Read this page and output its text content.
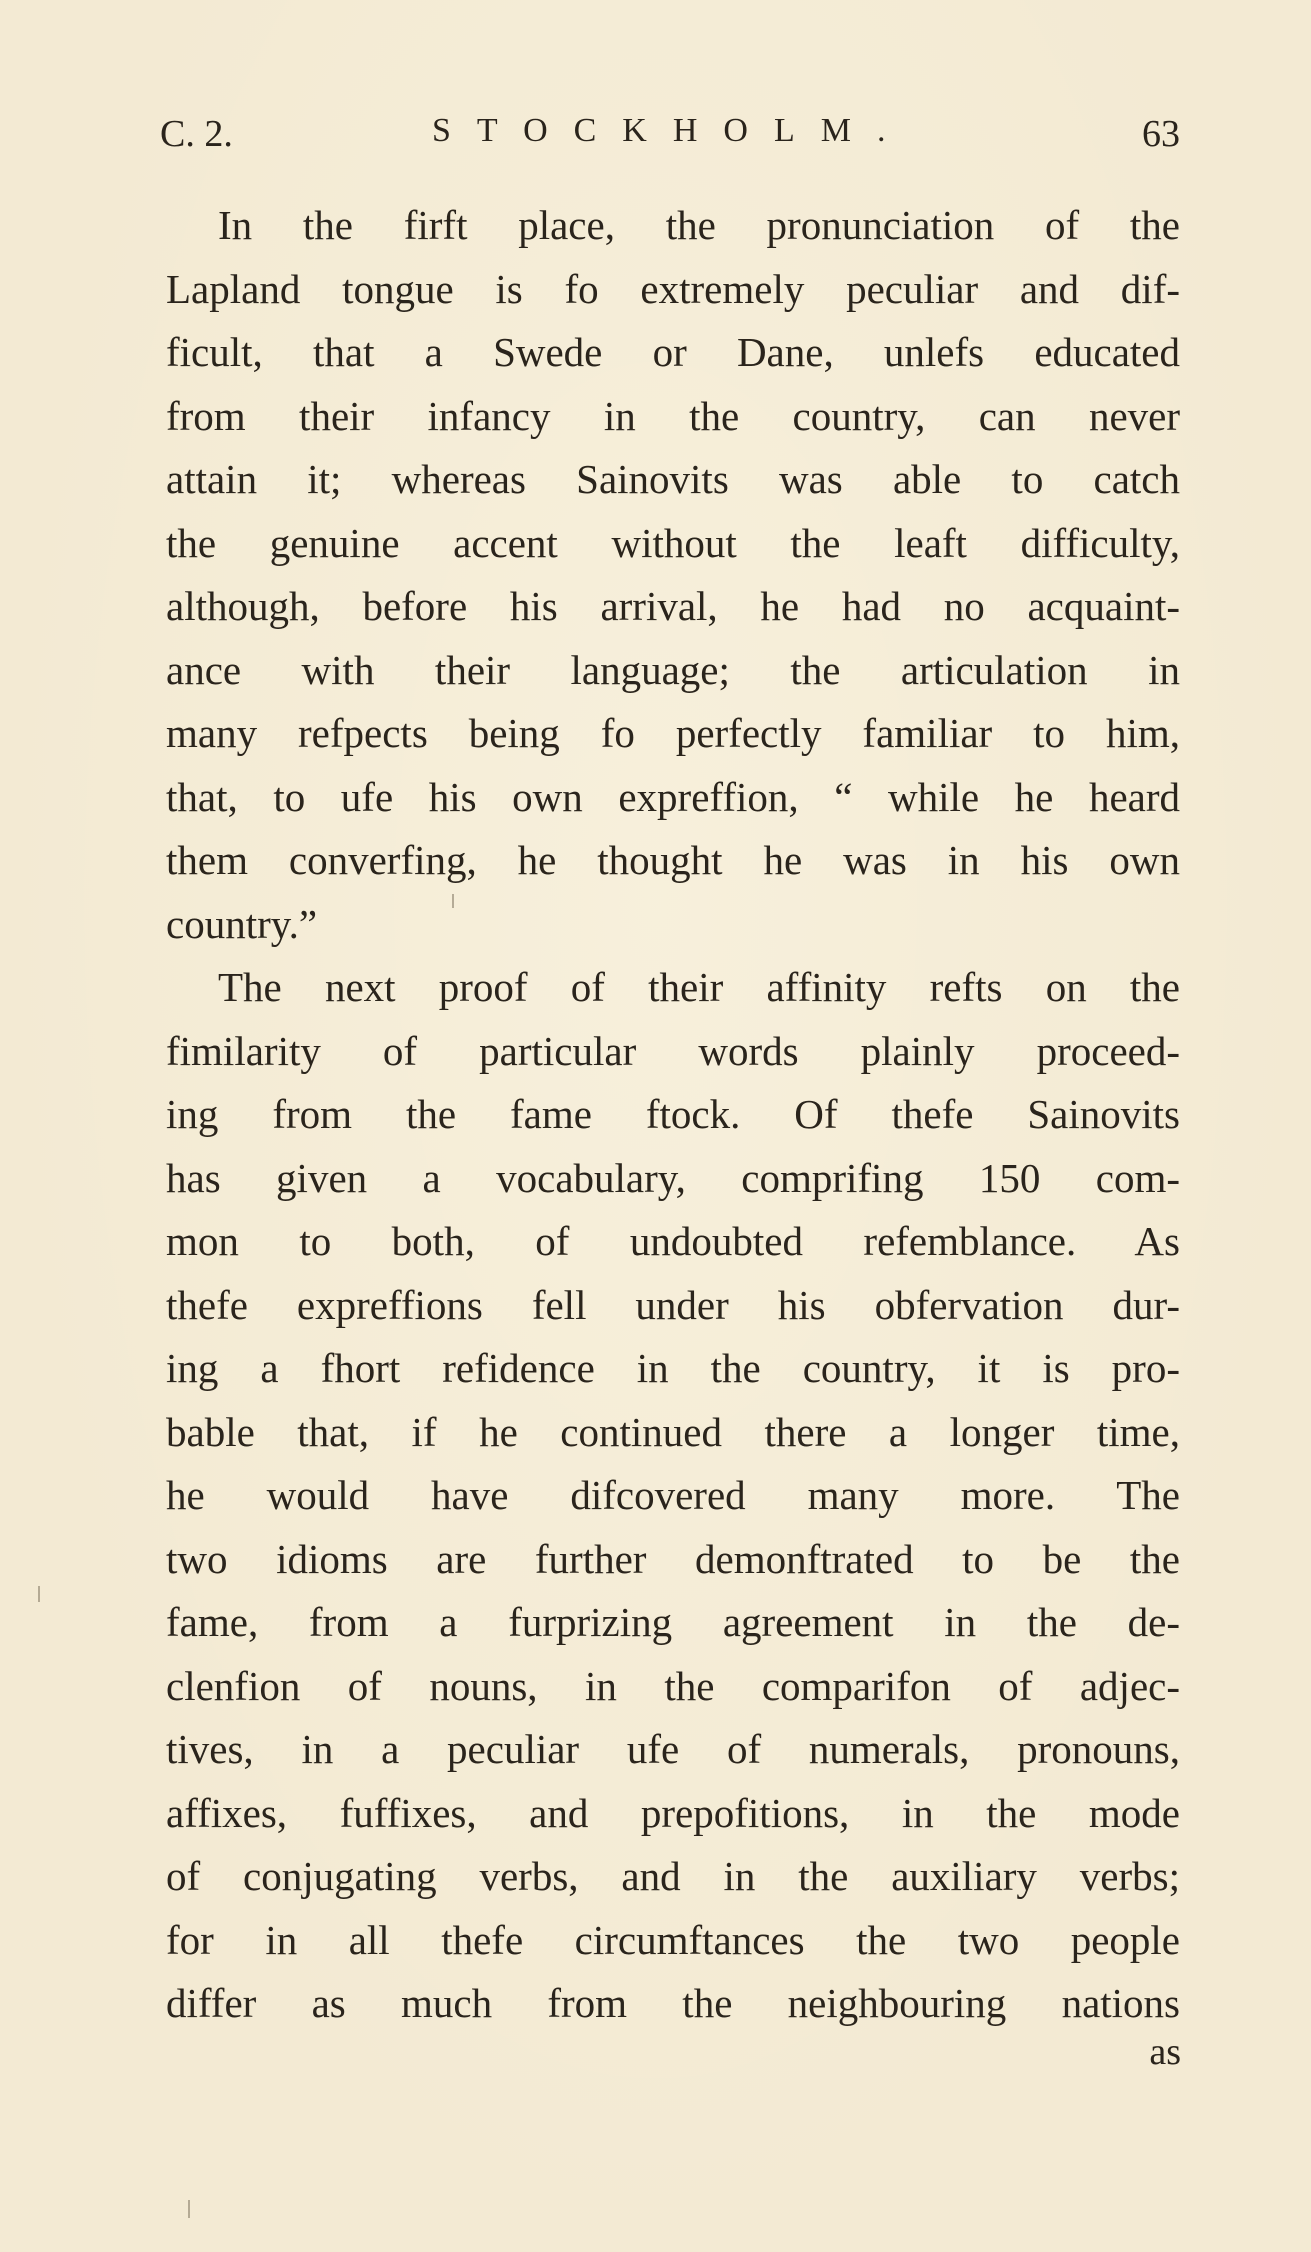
C. 2.	STOCKHOLM.	63
In the firft place, the pronunciation of the
Lapland tongue is fo extremely peculiar and dif-
ficult, that a Swede or Dane, unlefs educated
from their infancy in the country, can never
attain it; whereas Sainovits was able to catch
the genuine accent without the leaft difficulty,
although, before his arrival, he had no acquaint-
ance with their language; the articulation in
many refpects being fo perfectly familiar to him,
that, to ufe his own expreffion, “ while he heard
them converfing, he thought he was in his own
country.”
The next proof of their affinity refts on the
fimilarity of particular words plainly proceed-
ing from the fame ftock. Of thefe Sainovits
has given a vocabulary, comprifing 150 com-
mon to both, of undoubted refemblance. As
thefe expreffions fell under his obfervation dur-
ing a fhort refidence in the country, it is pro-
bable that, if he continued there a longer time,
he would have difcovered many more. The
two idioms are further demonftrated to be the
fame, from a furprizing agreement in the de-
clenfion of nouns, in the comparifon of adjec-
tives, in a peculiar ufe of numerals, pronouns,
affixes, fuffixes, and prepofitions, in the mode
of conjugating verbs, and in the auxiliary verbs;
for in all thefe circumftances the two people
differ as much from the neighbouring nations
as
